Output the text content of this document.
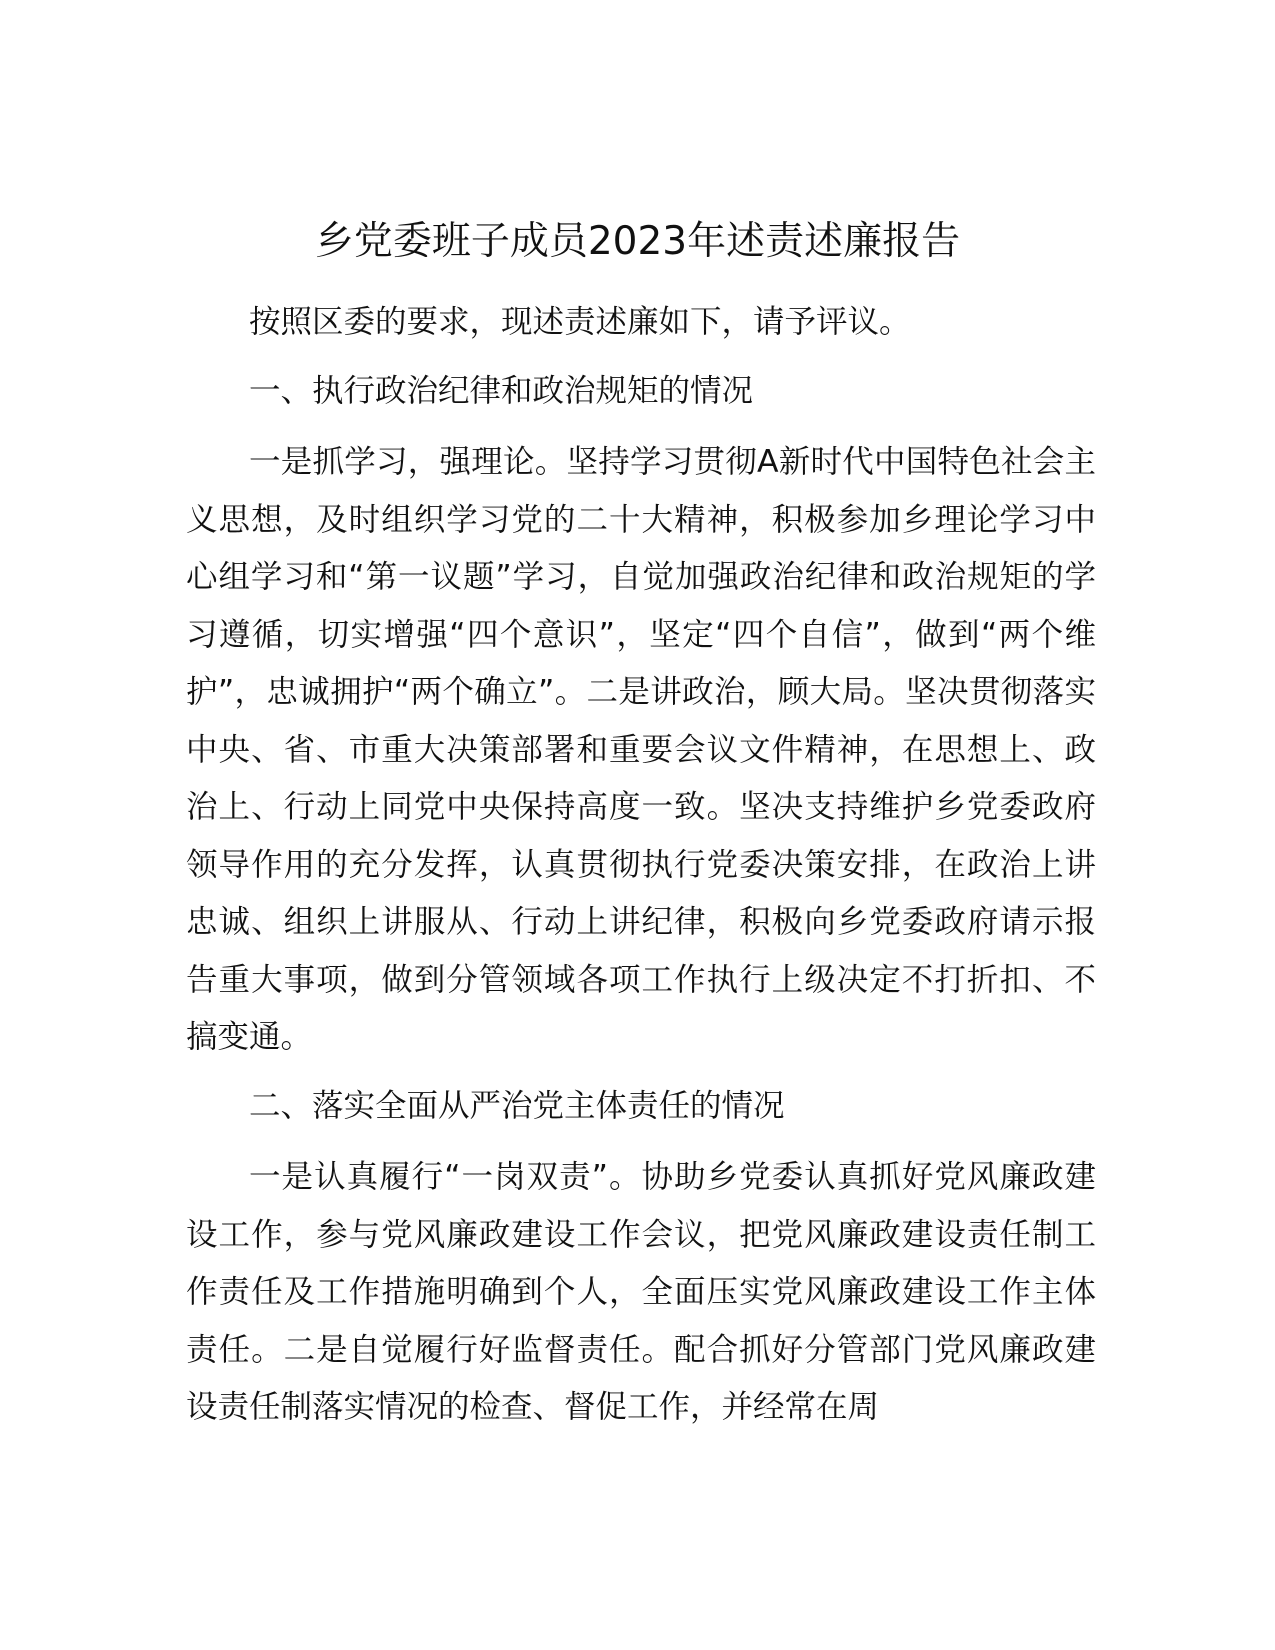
乡党委班子成员2023年述责述廉报告

按照区委的要求，现述责述廉如下，请予评议。

一、执行政治纪律和政治规矩的情况

一是抓学习，强理论。坚持学习贯彻A新时代中国特色社会主义思想，及时组织学习党的二十大精神，积极参加乡理论学习中心组学习和“第一议题”学习，自觉加强政治纪律和政治规矩的学习遵循，切实增强“四个意识”，坚定“四个自信”，做到“两个维护”，忠诚拥护“两个确立”。二是讲政治，顾大局。坚决贯彻落实中央、省、市重大决策部署和重要会议文件精神，在思想上、政治上、行动上同党中央保持高度一致。坚决支持维护乡党委政府领导作用的充分发挥，认真贯彻执行党委决策安排，在政治上讲忠诚、组织上讲服从、行动上讲纪律，积极向乡党委政府请示报告重大事项，做到分管领域各项工作执行上级决定不打折扣、不搞变通。

二、落实全面从严治党主体责任的情况

一是认真履行“一岗双责”。协助乡党委认真抓好党风廉政建设工作，参与党风廉政建设工作会议，把党风廉政建设责任制工作责任及工作措施明确到个人，全面压实党风廉政建设工作主体责任。二是自觉履行好监督责任。配合抓好分管部门党风廉政建设责任制落实情况的检查、督促工作，并经常在周
